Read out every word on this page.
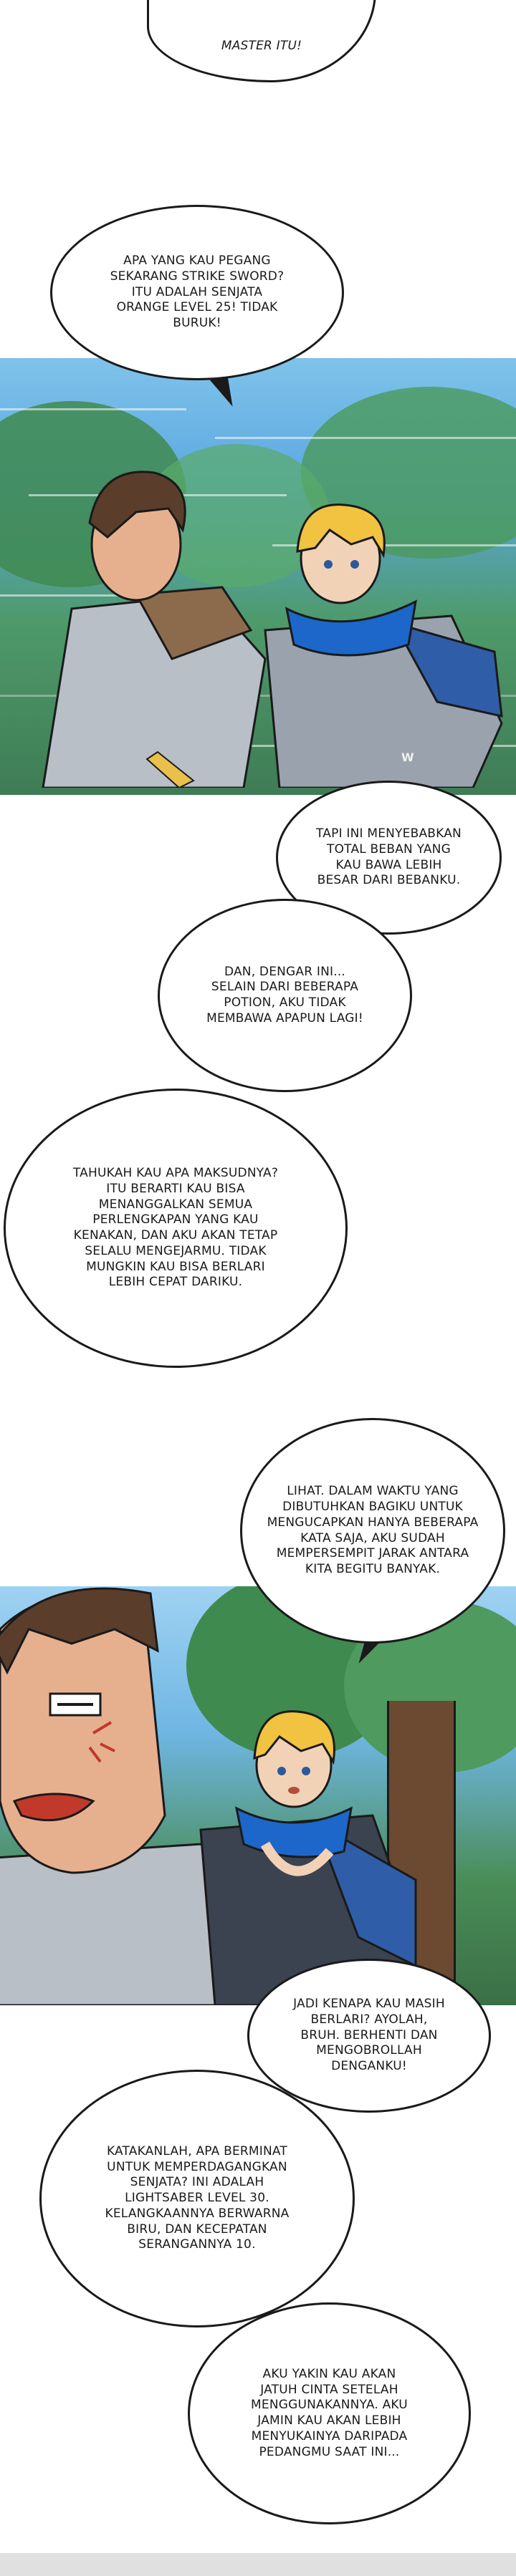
MASTER ITU!

APA YANG KAU PEGANG
SEKARANG STRIKE SWORD?
ITU ADALAH SENJATA
ORANGE LEVEL 25! TIDAK
BURUK!

W

TAPI INI MENYEBABKAN
TOTAL BEBAN YANG
KAU BAWA LEBIH
BESAR DARI BEBANKU.

DAN, DENGAR INI...
SELAIN DARI BEBERAPA
POTION, AKU TIDAK
MEMBAWA APAPUN LAGI!

TAHUKAH KAU APA MAKSUDNYA?
ITU BERARTI KAU BISA
MENANGGALKAN SEMUA
PERLENGKAPAN YANG KAU
KENAKAN, DAN AKU AKAN TETAP
SELALU MENGEJARMU. TIDAK
MUNGKIN KAU BISA BERLARI
LEBIH CEPAT DARIKU.

LIHAT. DALAM WAKTU YANG
DIBUTUHKAN BAGIKU UNTUK
MENGUCAPKAN HANYA BEBERAPA
KATA SAJA, AKU SUDAH
MEMPERSEMPIT JARAK ANTARA
KITA BEGITU BANYAK.

JADI KENAPA KAU MASIH
BERLARI? AYOLAH,
BRUH. BERHENTI DAN
MENGOBROLLAH
DENGANKU!

KATAKANLAH, APA BERMINAT
UNTUK MEMPERDAGANGKAN
SENJATA? INI ADALAH
LIGHTSABER LEVEL 30.
KELANGKAANNYA BERWARNA
BIRU, DAN KECEPATAN
SERANGANNYA 10.

AKU YAKIN KAU AKAN
JATUH CINTA SETELAH
MENGGUNAKANNYA. AKU
JAMIN KAU AKAN LEBIH
MENYUKAINYA DARIPADA
PEDANGMU SAAT INI...
